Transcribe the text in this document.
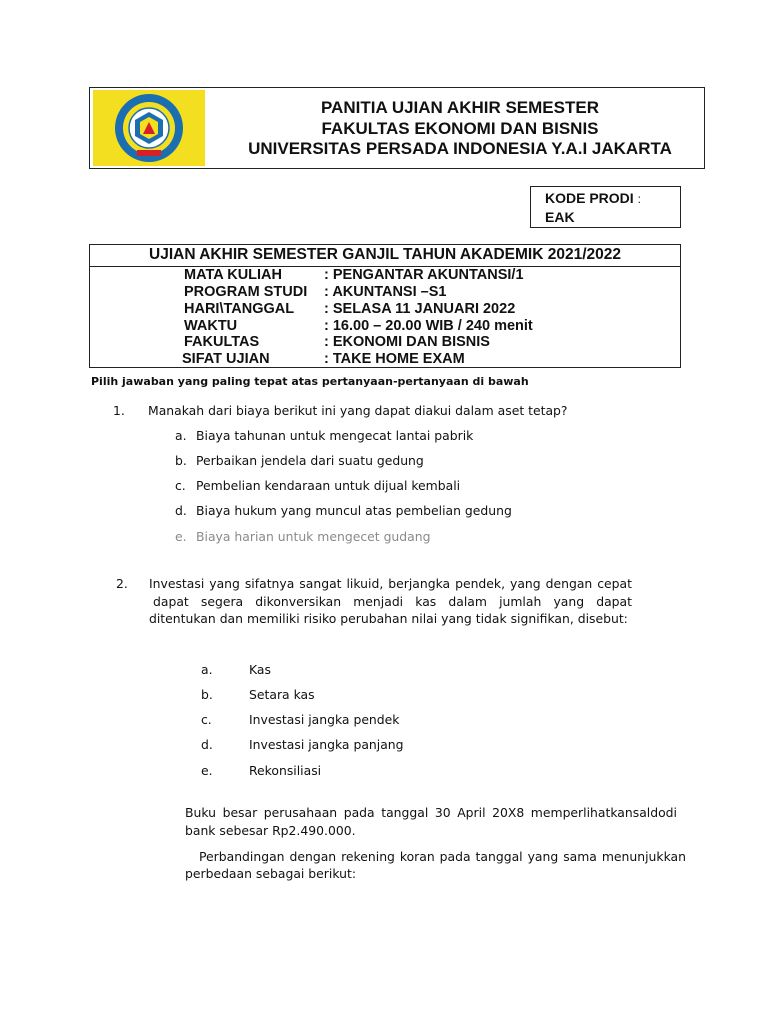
PANITIA UJIAN AKHIR SEMESTER
FAKULTAS EKONOMI DAN BISNIS
UNIVERSITAS PERSADA INDONESIA Y.A.I JAKARTA
KODE PRODI :
EAK
UJIAN AKHIR SEMESTER GANJIL TAHUN AKADEMIK 2021/2022
MATA KULIAH	: PENGANTAR AKUNTANSI/1
PROGRAM STUDI : AKUNTANSI –S1
HARI\TANGGAL : SELASA 11 JANUARI 2022
WAKTU	: 16.00 – 20.00 WIB / 240 menit
FAKULTAS	: EKONOMI DAN BISNIS
SIFAT UJIAN	: TAKE HOME EXAM
Pilih jawaban yang paling tepat atas pertanyaan-pertanyaan di bawah
1. Manakah dari biaya berikut ini yang dapat diakui dalam aset tetap?
a. Biaya tahunan untuk mengecat lantai pabrik
b. Perbaikan jendela dari suatu gedung
c. Pembelian kendaraan untuk dijual kembali
d. Biaya hukum yang muncul atas pembelian gedung
e. Biaya harian untuk mengecet gudang
2. Investasi yang sifatnya sangat likuid, berjangka pendek, yang dengan cepat
dapat segera dikonversikan menjadi kas dalam jumlah yang dapat
ditentukan dan memiliki risiko perubahan nilai yang tidak signifikan, disebut:
a.	Kas
b.	Setara kas
c.	Investasi jangka pendek
d.	Investasi jangka panjang
e.	Rekonsiliasi
Buku besar perusahaan pada tanggal 30 April 20X8 memperlihatkansaldodi
bank sebesar Rp2.490.000.
Perbandingan dengan rekening koran pada tanggal yang sama menunjukkan
perbedaan sebagai berikut:
